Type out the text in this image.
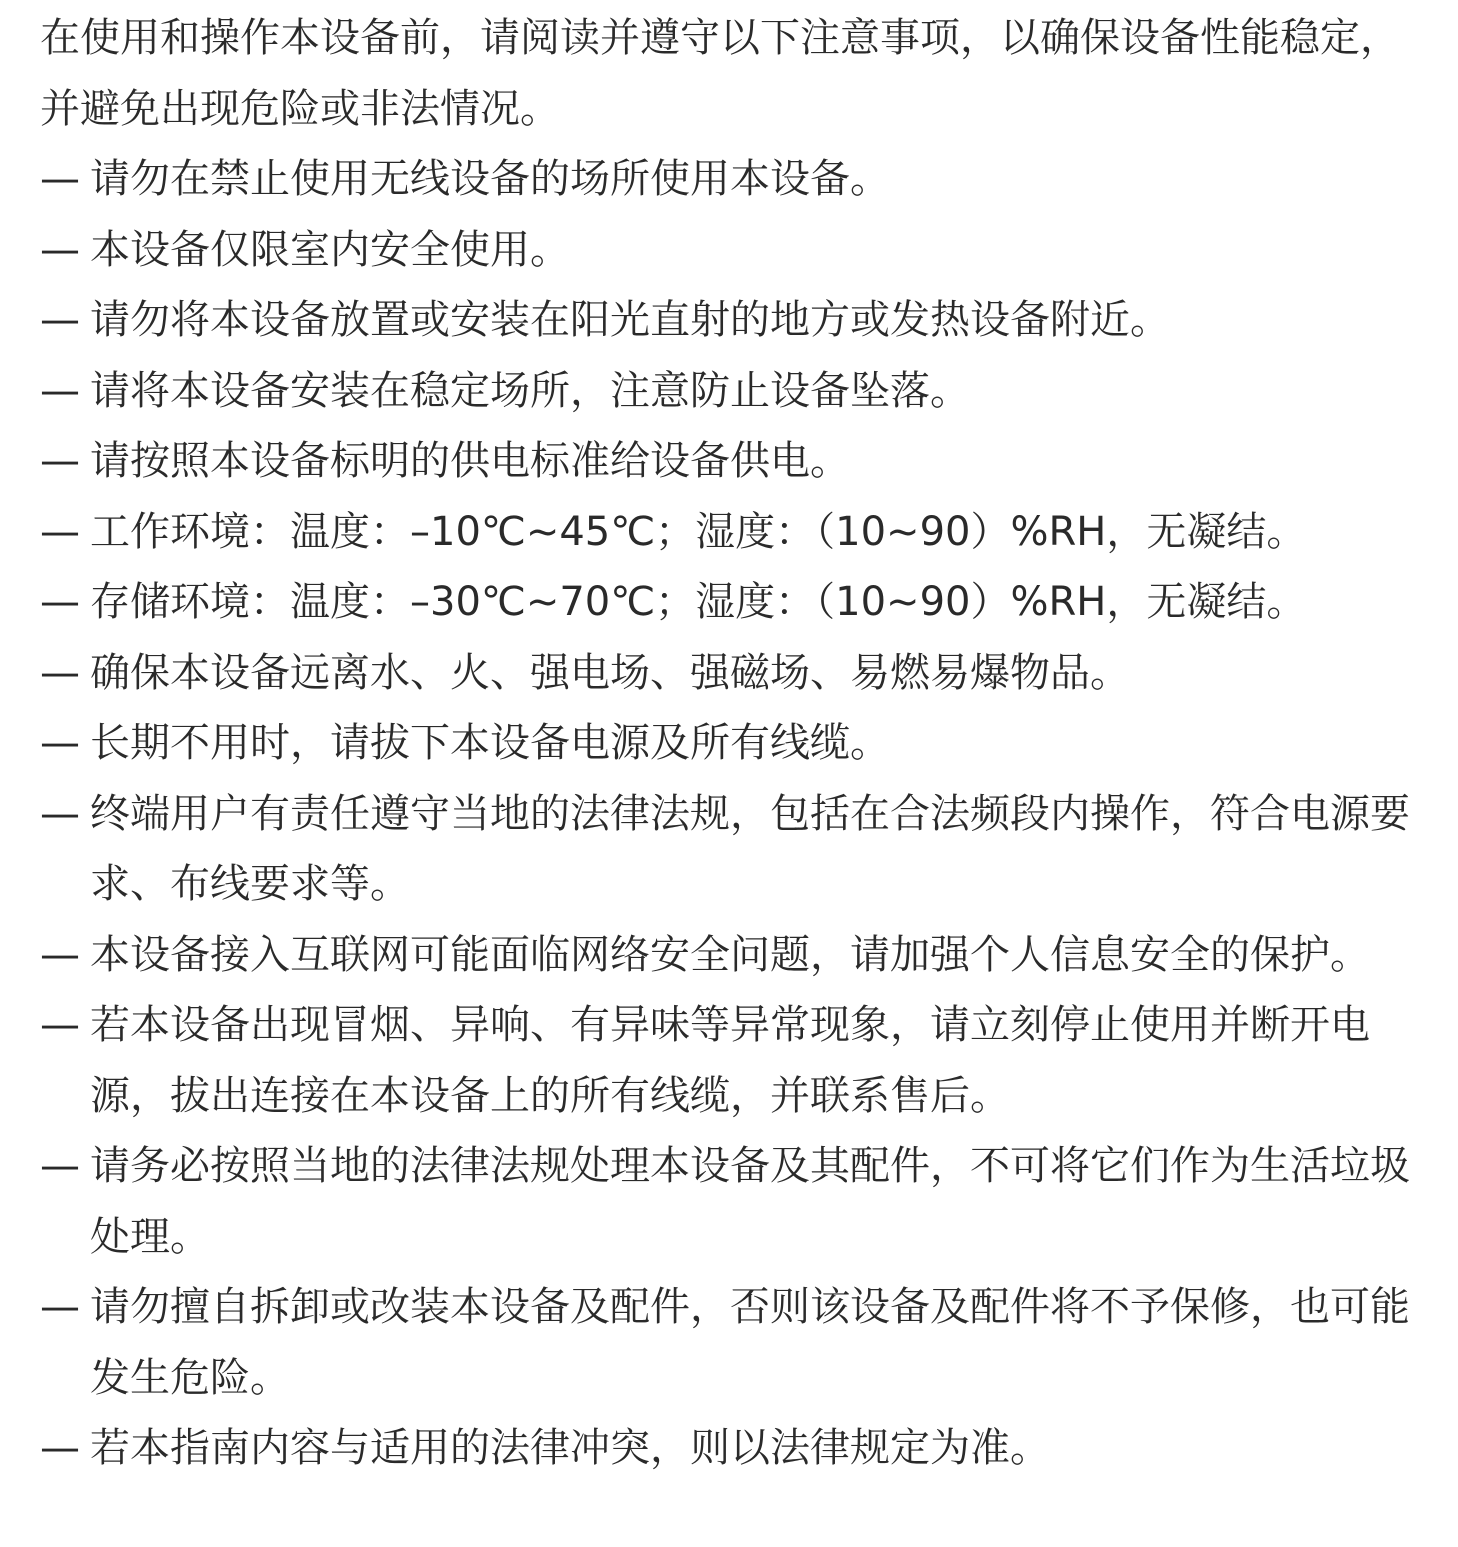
在使用和操作本设备前，请阅读并遵守以下注意事项，以确保设备性能稳定，并避免出现危险或非法情况。

— 请勿在禁止使用无线设备的场所使用本设备。
— 本设备仅限室内安全使用。
— 请勿将本设备放置或安装在阳光直射的地方或发热设备附近。
— 请将本设备安装在稳定场所，注意防止设备坠落。
— 请按照本设备标明的供电标准给设备供电。
— 工作环境：温度：–10℃~45℃；湿度：（10~90）%RH，无凝结。
— 存储环境：温度：–30℃~70℃；湿度：（10~90）%RH，无凝结。
— 确保本设备远离水、火、强电场、强磁场、易燃易爆物品。
— 长期不用时，请拔下本设备电源及所有线缆。
— 终端用户有责任遵守当地的法律法规，包括在合法频段内操作，符合电源要求、布线要求等。
— 本设备接入互联网可能面临网络安全问题，请加强个人信息安全的保护。
— 若本设备出现冒烟、异响、有异味等异常现象，请立刻停止使用并断开电源，拔出连接在本设备上的所有线缆，并联系售后。
— 请务必按照当地的法律法规处理本设备及其配件，不可将它们作为生活垃圾处理。
— 请勿擅自拆卸或改装本设备及配件，否则该设备及配件将不予保修，也可能发生危险。
— 若本指南内容与适用的法律冲突，则以法律规定为准。
